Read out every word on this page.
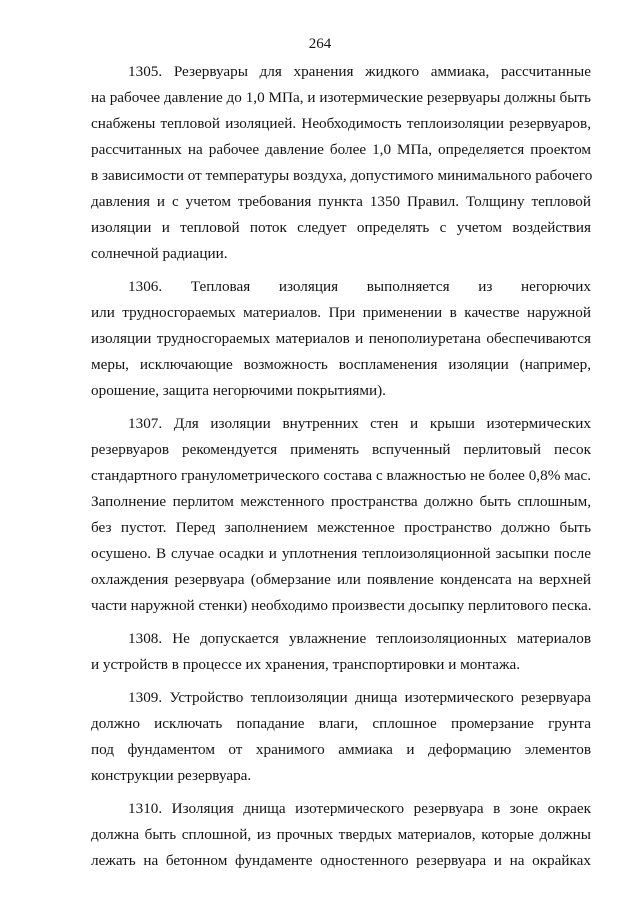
264
1305. Резервуары для хранения жидкого аммиака, рассчитанные
на рабочее давление до 1,0 МПа, и изотермические резервуары должны быть
снабжены тепловой изоляцией. Необходимость теплоизоляции резервуаров,
рассчитанных на рабочее давление более 1,0 МПа, определяется проектом
в зависимости от температуры воздуха, допустимого минимального рабочего
давления и с учетом требования пункта 1350 Правил. Толщину тепловой
изоляции и тепловой поток следует определять с учетом воздействия
солнечной радиации.
1306. Тепловая изоляция выполняется из негорючих
или трудносгораемых материалов. При применении в качестве наружной
изоляции трудносгораемых материалов и пенополиуретана обеспечиваются
меры, исключающие возможность воспламенения изоляции (например,
орошение, защита негорючими покрытиями).
1307. Для изоляции внутренних стен и крыши изотермических
резервуаров рекомендуется применять вспученный перлитовый песок
стандартного гранулометрического состава с влажностью не более 0,8% мас.
Заполнение перлитом межстенного пространства должно быть сплошным,
без пустот. Перед заполнением межстенное пространство должно быть
осушено. В случае осадки и уплотнения теплоизоляционной засыпки после
охлаждения резервуара (обмерзание или появление конденсата на верхней
части наружной стенки) необходимо произвести досыпку перлитового песка.
1308. Не допускается увлажнение теплоизоляционных материалов
и устройств в процессе их хранения, транспортировки и монтажа.
1309. Устройство теплоизоляции днища изотермического резервуара
должно исключать попадание влаги, сплошное промерзание грунта
под фундаментом от хранимого аммиака и деформацию элементов
конструкции резервуара.
1310. Изоляция днища изотермического резервуара в зоне окраек
должна быть сплошной, из прочных твердых материалов, которые должны
лежать на бетонном фундаменте одностенного резервуара и на окрайках
